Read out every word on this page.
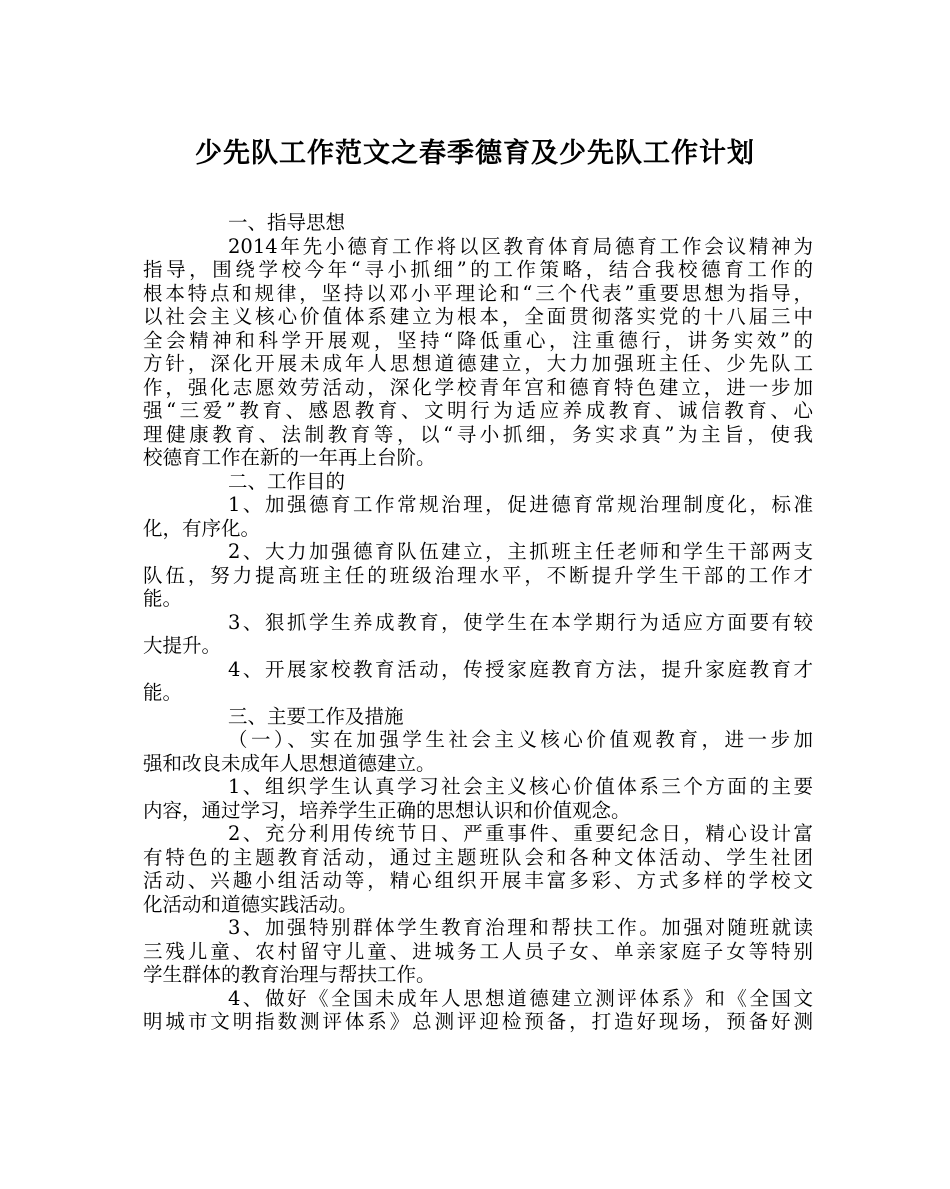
少先队工作范文之春季德育及少先队工作计划
一、指导思想
2014年先小德育工作将以区教育体育局德育工作会议精神为
指导，围绕学校今年“寻小抓细”的工作策略，结合我校德育工作的
根本特点和规律，坚持以邓小平理论和“三个代表”重要思想为指导，
以社会主义核心价值体系建立为根本，全面贯彻落实党的十八届三中
全会精神和科学开展观，坚持“降低重心，注重德行，讲务实效”的
方针，深化开展未成年人思想道德建立，大力加强班主任、少先队工
作，强化志愿效劳活动，深化学校青年宫和德育特色建立，进一步加
强“三爱”教育、感恩教育、文明行为适应养成教育、诚信教育、心
理健康教育、法制教育等，以“寻小抓细，务实求真”为主旨，使我
校德育工作在新的一年再上台阶。
二、工作目的
1、加强德育工作常规治理，促进德育常规治理制度化，标准
化，有序化。
2、大力加强德育队伍建立，主抓班主任老师和学生干部两支
队伍，努力提高班主任的班级治理水平，不断提升学生干部的工作才
能。
3、狠抓学生养成教育，使学生在本学期行为适应方面要有较
大提升。
4、开展家校教育活动，传授家庭教育方法，提升家庭教育才
能。
三、主要工作及措施
（一）、实在加强学生社会主义核心价值观教育，进一步加
强和改良未成年人思想道德建立。
1、组织学生认真学习社会主义核心价值体系三个方面的主要
内容，通过学习，培养学生正确的思想认识和价值观念。
2、充分利用传统节日、严重事件、重要纪念日，精心设计富
有特色的主题教育活动，通过主题班队会和各种文体活动、学生社团
活动、兴趣小组活动等，精心组织开展丰富多彩、方式多样的学校文
化活动和道德实践活动。
3、加强特别群体学生教育治理和帮扶工作。加强对随班就读
三残儿童、农村留守儿童、进城务工人员子女、单亲家庭子女等特别
学生群体的教育治理与帮扶工作。
4、做好《全国未成年人思想道德建立测评体系》和《全国文
明城市文明指数测评体系》总测评迎检预备，打造好现场，预备好测
